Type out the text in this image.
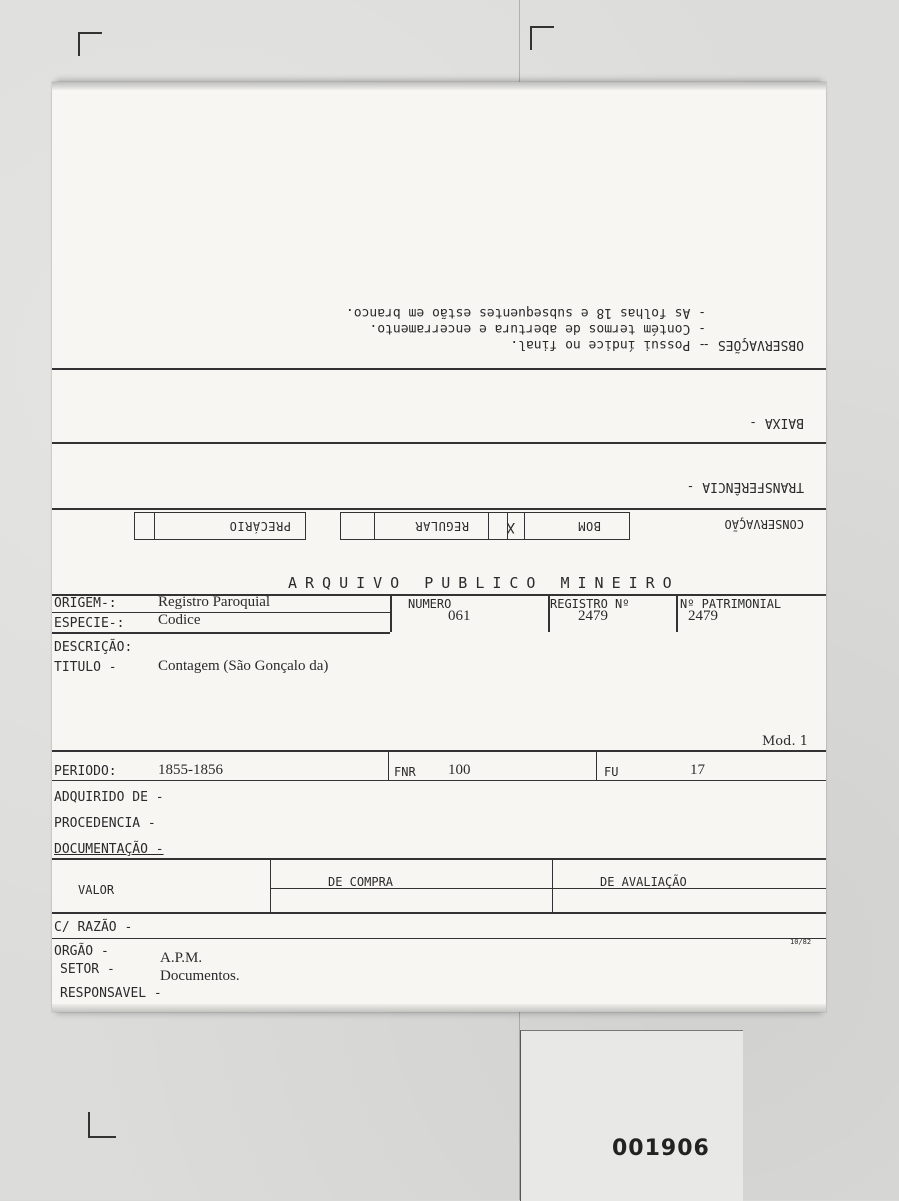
OBSERVAÇÕES -
- Possui índice no final.
- Contém termos de abertura e encerramento.
- As folhas 18 e subsequentes estão em branco.
BAIXA -
TRANSFERÊNCIA -
CONSERVAÇÃO
BOM
X
REGULAR
PRECÁRIO
ARQUIVO PUBLICO MINEIRO
ORIGEM-:	Registro Paroquial
ESPECIE-: Codice
NUMERO
061
REGISTRO Nº
2479
Nº PATRIMONIAL
2479
DESCRIÇÃO:
TITULO -	Contagem (São Gonçalo da)
Mod. 1
PERIODO:	1855-1856	FNR 100	FU	17
ADQUIRIDO DE -
PROCEDENCIA -
DOCUMENTAÇÃO -
VALOR
DE COMPRA	DE AVALIAÇÃO
C/ RAZÃO -
10/82
ORGÃO -	A.P.M.
SETOR -	Documentos.
RESPONSAVEL -
001906
